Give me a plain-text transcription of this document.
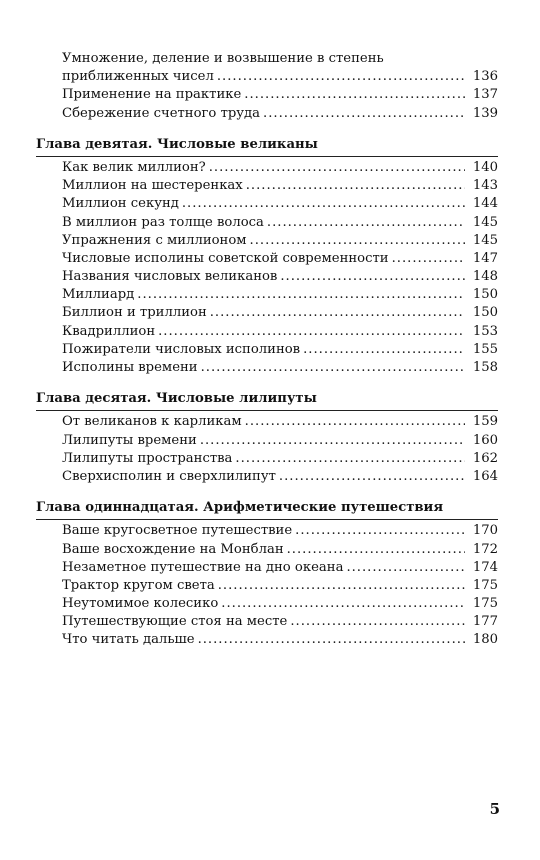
Умножение, деление и возвышение в степень
приближенных чисел . . .	136
Применение на практике . . .	137
Сбережение счетного труда . . .	139
Глава девятая. Числовые великаны
Как велик миллион? . . .	140
Миллион на шестеренках . . .	143
Миллион секунд . . .	144
В миллион раз толще волоса . . .	145
Упражнения с миллионом . . .	145
Числовые исполины советской современности . . .	147
Названия числовых великанов . . .	148
Миллиард . . .	150
Биллион и триллион . . .	150
Квадриллион . . .	153
Пожиратели числовых исполинов . . .	155
Исполины времени . . .	158
Глава десятая. Числовые лилипуты
От великанов к карликам . . .	159
Лилипуты времени . . .	160
Лилипуты пространства . . .	162
Сверхисполин и сверхлилипут . . .	164
Глава одиннадцатая. Арифметические путешествия
Ваше кругосветное путешествие . . .	170
Ваше восхождение на Монблан . . .	172
Незаметное путешествие на дно океана . . .	174
Трактор кругом света . . .	175
Неутомимое колесико . . .	175
Путешествующие стоя на месте . . .	177
Что читать дальше . . .	180
5
